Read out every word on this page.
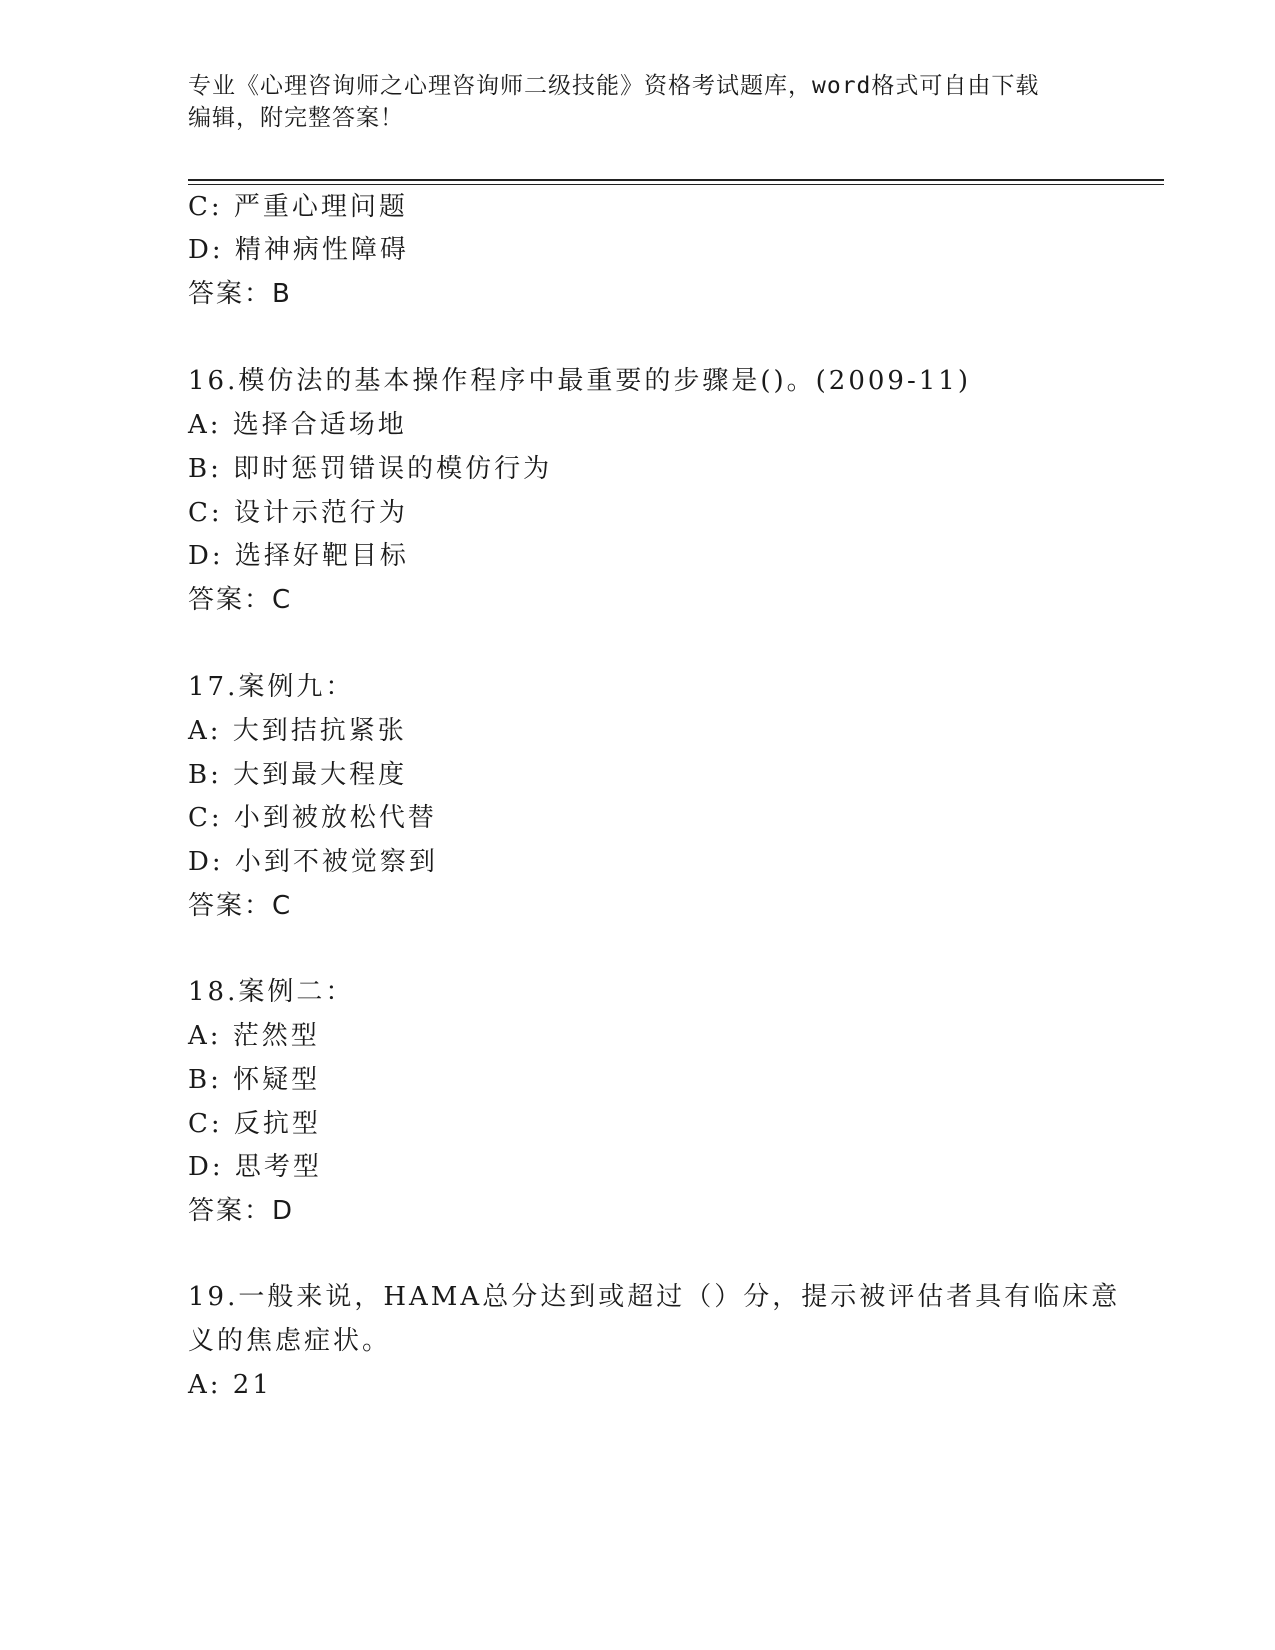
专业《心理咨询师之心理咨询师二级技能》资格考试题库，word格式可自由下载
编辑，附完整答案！
C: 严重心理问题
D: 精神病性障碍
答案：B
16.模仿法的基本操作程序中最重要的步骤是()。(2009-11)
A: 选择合适场地
B: 即时惩罚错误的模仿行为
C: 设计示范行为
D: 选择好靶目标
答案：C
17.案例九：
A: 大到拮抗紧张
B: 大到最大程度
C: 小到被放松代替
D: 小到不被觉察到
答案：C
18.案例二：
A: 茫然型
B: 怀疑型
C: 反抗型
D: 思考型
答案：D
19.一般来说，HAMA总分达到或超过（）分，提示被评估者具有临床意
义的焦虑症状。
A: 21
